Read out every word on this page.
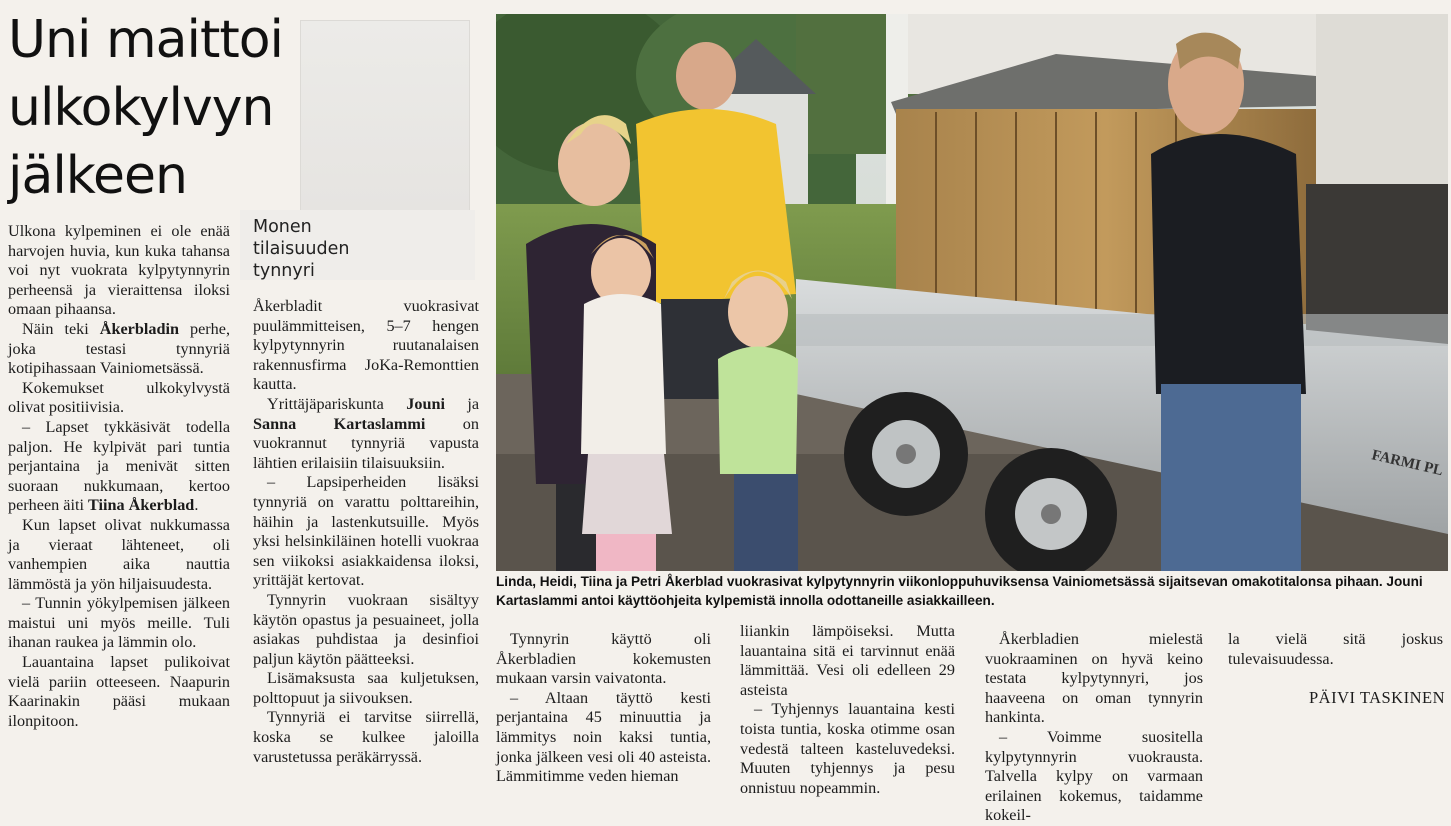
Uni maittoi
ulkokylvyn
jälkeen

Ulkona kylpeminen ei ole enää harvojen huvia, kun kuka tahansa voi nyt vuokrata kylpytynnyrin perheensä ja vieraittensa iloksi omaan pihaansa.

Näin teki Åkerbladin perhe, joka testasi tynnyriä kotipihassaan Vainiometsässä.

Kokemukset ulkokylvystä olivat positiivisia.

– Lapset tykkäsivät todella paljon. He kylpivät pari tuntia perjantaina ja menivät sitten suoraan nukkumaan, kertoo perheen äiti Tiina Åkerblad.

Kun lapset olivat nukkumassa ja vieraat lähteneet, oli vanhempien aika nauttia lämmöstä ja yön hiljaisuudesta.

– Tunnin yökylpemisen jälkeen maistui uni myös meille. Tuli ihanan raukea ja lämmin olo.

Lauantaina lapset pulikoivat vielä pariin otteeseen. Naapurin Kaarinakin pääsi mukaan ilonpitoon.

Monen
tilaisuuden
tynnyri

Åkerbladit vuokrasivat puulämmitteisen, 5–7 hengen kylpytynnyrin ruutanalaisen rakennusfirma JoKa-Remonttien kautta.

Yrittäjäpariskunta Jouni ja Sanna Kartaslammi on vuokrannut tynnyriä vapusta lähtien erilaisiin tilaisuuksiin.

– Lapsiperheiden lisäksi tynnyriä on varattu polttareihin, häihin ja lastenkutsuille. Myös yksi helsinkiläinen hotelli vuokraa sen viikoksi asiakkaidensa iloksi, yrittäjät kertovat.

Tynnyrin vuokraan sisältyy käytön opastus ja pesuaineet, jolla asiakas puhdistaa ja desinfioi paljun käytön päätteeksi.

Lisämaksusta saa kuljetuksen, polttopuut ja siivouksen.

Tynnyriä ei tarvitse siirrellä, koska se kulkee jaloilla varustetussa peräkärryssä.

FARMI PL
Linda, Heidi, Tiina ja Petri Åkerblad vuokrasivat kylpytynnyrin viikonloppuhuviksensa Vainiometsässä sijaitsevan omakotitalonsa pihaan. Jouni Kartaslammi antoi käyttöohjeita kylpemistä innolla odottaneille asiakkailleen.

Tynnyrin käyttö oli Åkerbladien kokemusten mukaan varsin vaivatonta.

– Altaan täyttö kesti perjantaina 45 minuuttia ja lämmitys noin kaksi tuntia, jonka jälkeen vesi oli 40 asteista. Lämmitimme veden hieman

liiankin lämpöiseksi. Mutta lauantaina sitä ei tarvinnut enää lämmittää. Vesi oli edelleen 29 asteista

– Tyhjennys lauantaina kesti toista tuntia, koska otimme osan vedestä talteen kasteluvedeksi. Muuten tyhjennys ja pesu onnistuu nopeammin.

Åkerbladien mielestä vuokraaminen on hyvä keino testata kylpytynnyri, jos haaveena on oman tynnyrin hankinta.

– Voimme suositella kylpytynnyrin vuokrausta. Talvella kylpy on varmaan erilainen kokemus, taidamme kokeil-

la vielä sitä joskus tulevaisuudessa.

PÄIVI TASKINEN
